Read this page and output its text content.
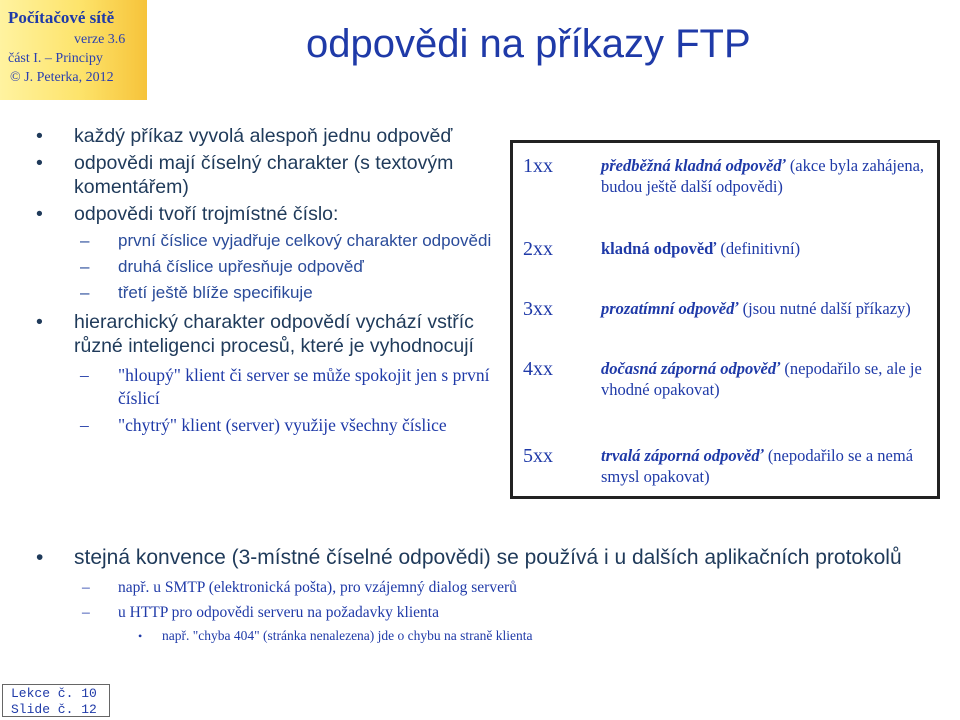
Počítačové sítě
verze 3.6
část I. – Principy
© J. Peterka, 2012
odpovědi na příkazy FTP
• každý příkaz vyvolá alespoň jednu odpověď
• odpovědi mají číselný charakter (s textovým komentářem)
• odpovědi tvoří trojmístné číslo:
– první číslice vyjadřuje celkový charakter odpovědi
– druhá číslice upřesňuje odpověď
– třetí ještě blíže specifikuje
• hierarchický charakter odpovědí vychází vstříc různé inteligenci procesů, které je vyhodnocují
– "hloupý" klient či server se může spokojit jen s první číslicí
– "chytrý" klient (server) využije všechny číslice
1xx	předběžná kladná odpověď (akce byla zahájena, budou ještě další odpovědi)
2xx	kladná odpověď (definitivní)
3xx	prozatímní odpověď (jsou nutné další příkazy)
4xx	dočasná záporná odpověď (nepodařilo se, ale je vhodné opakovat)
5xx	trvalá záporná odpověď (nepodařilo se a nemá smysl opakovat)
• stejná konvence (3-místné číselné odpovědi) se používá i u dalších aplikačních protokolů
– např. u SMTP (elektronická pošta), pro vzájemný dialog serverů
– u HTTP pro odpovědi serveru na požadavky klienta
• např. "chyba 404" (stránka nenalezena) jde o chybu na straně klienta
Lekce č. 10
Slide č. 12
